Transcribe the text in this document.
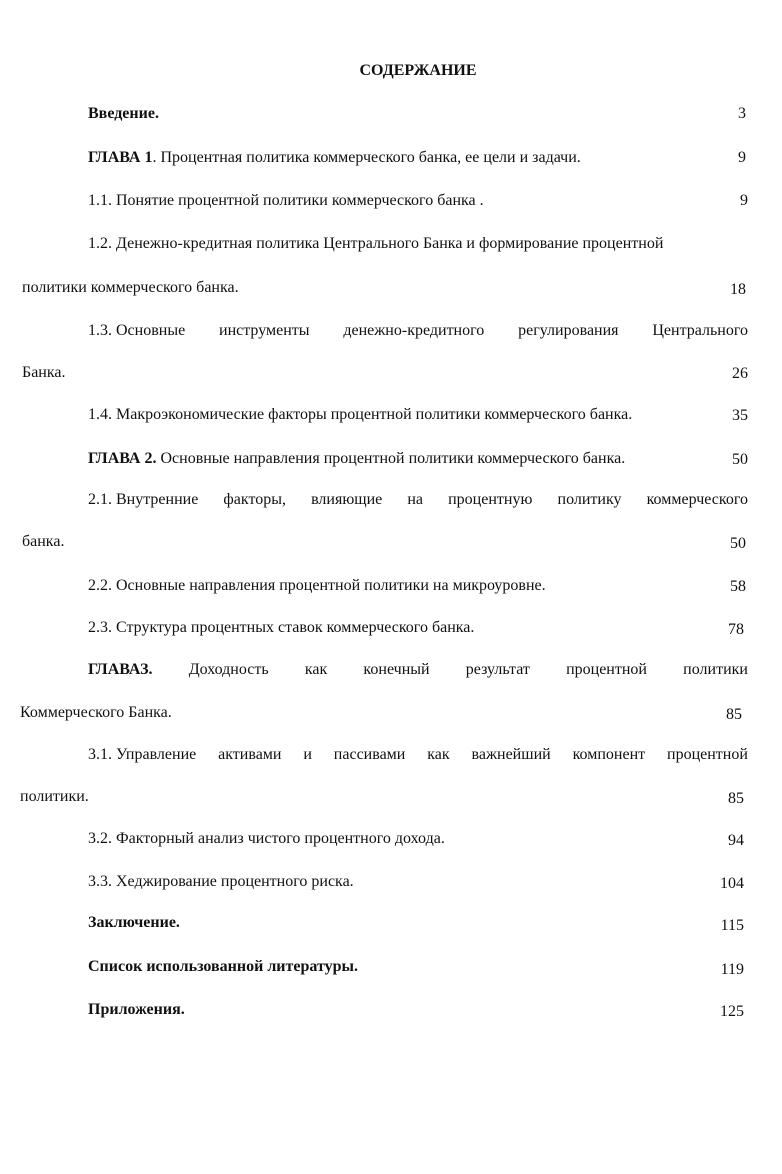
СОДЕРЖАНИЕ
Введение.	3
ГЛАВА 1. Процентная политика коммерческого банка, ее цели и задачи.	9
1.1. Понятие процентной политики коммерческого банка .	9
1.2. Денежно-кредитная политика Центрального Банка и формирование процентной
политики коммерческого банка.	18
1.3. Основные инструменты денежно-кредитного регулирования Центрального
Банка.	26
1.4. Макроэкономические факторы процентной политики коммерческого банка.	35
ГЛАВА 2. Основные направления процентной политики коммерческого банка.	50
2.1. Внутренние факторы, влияющие на процентную политику коммерческого
банка.	50
2.2. Основные направления процентной политики на микроуровне.	58
2.3. Структура процентных ставок коммерческого банка.	78
ГЛАВАЗ. Доходность как конечный результат процентной политики
Коммерческого Банка.	85
3.1. Управление активами и пассивами как важнейший компонент процентной
политики.	85
3.2. Факторный анализ чистого процентного дохода.	94
3.3. Хеджирование процентного риска.	104
Заключение.	115
Список использованной литературы.	119
Приложения.	125
